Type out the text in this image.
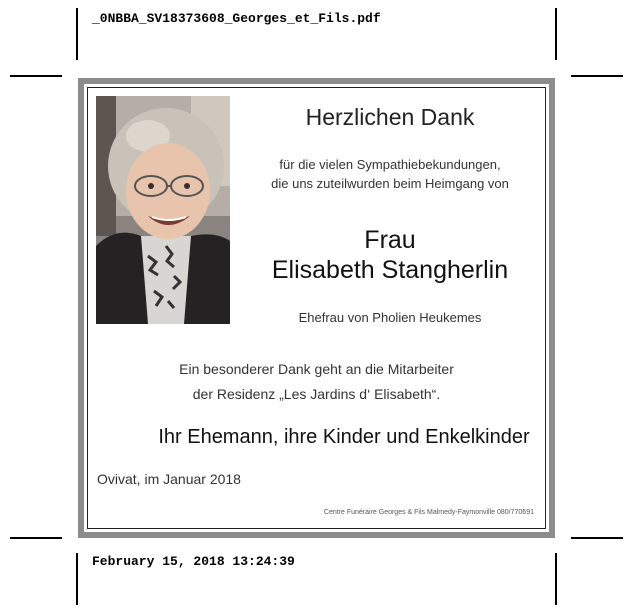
_0NBBA_SV18373608_Georges_et_Fils.pdf
Herzlichen Dank
für die vielen Sympathiebekundungen,
die uns zuteilwurden beim Heimgang von
Frau
Elisabeth Stangherlin
Ehefrau von Pholien Heukemes
Ein besonderer Dank geht an die Mitarbeiter
der Residenz „Les Jardins d‘ Elisabeth“.
Ihr Ehemann, ihre Kinder und Enkelkinder
Ovivat, im Januar 2018
Centre Funéraire Georges & Fils Malmedy-Faymonville 080/770691
February 15, 2018 13:24:39
